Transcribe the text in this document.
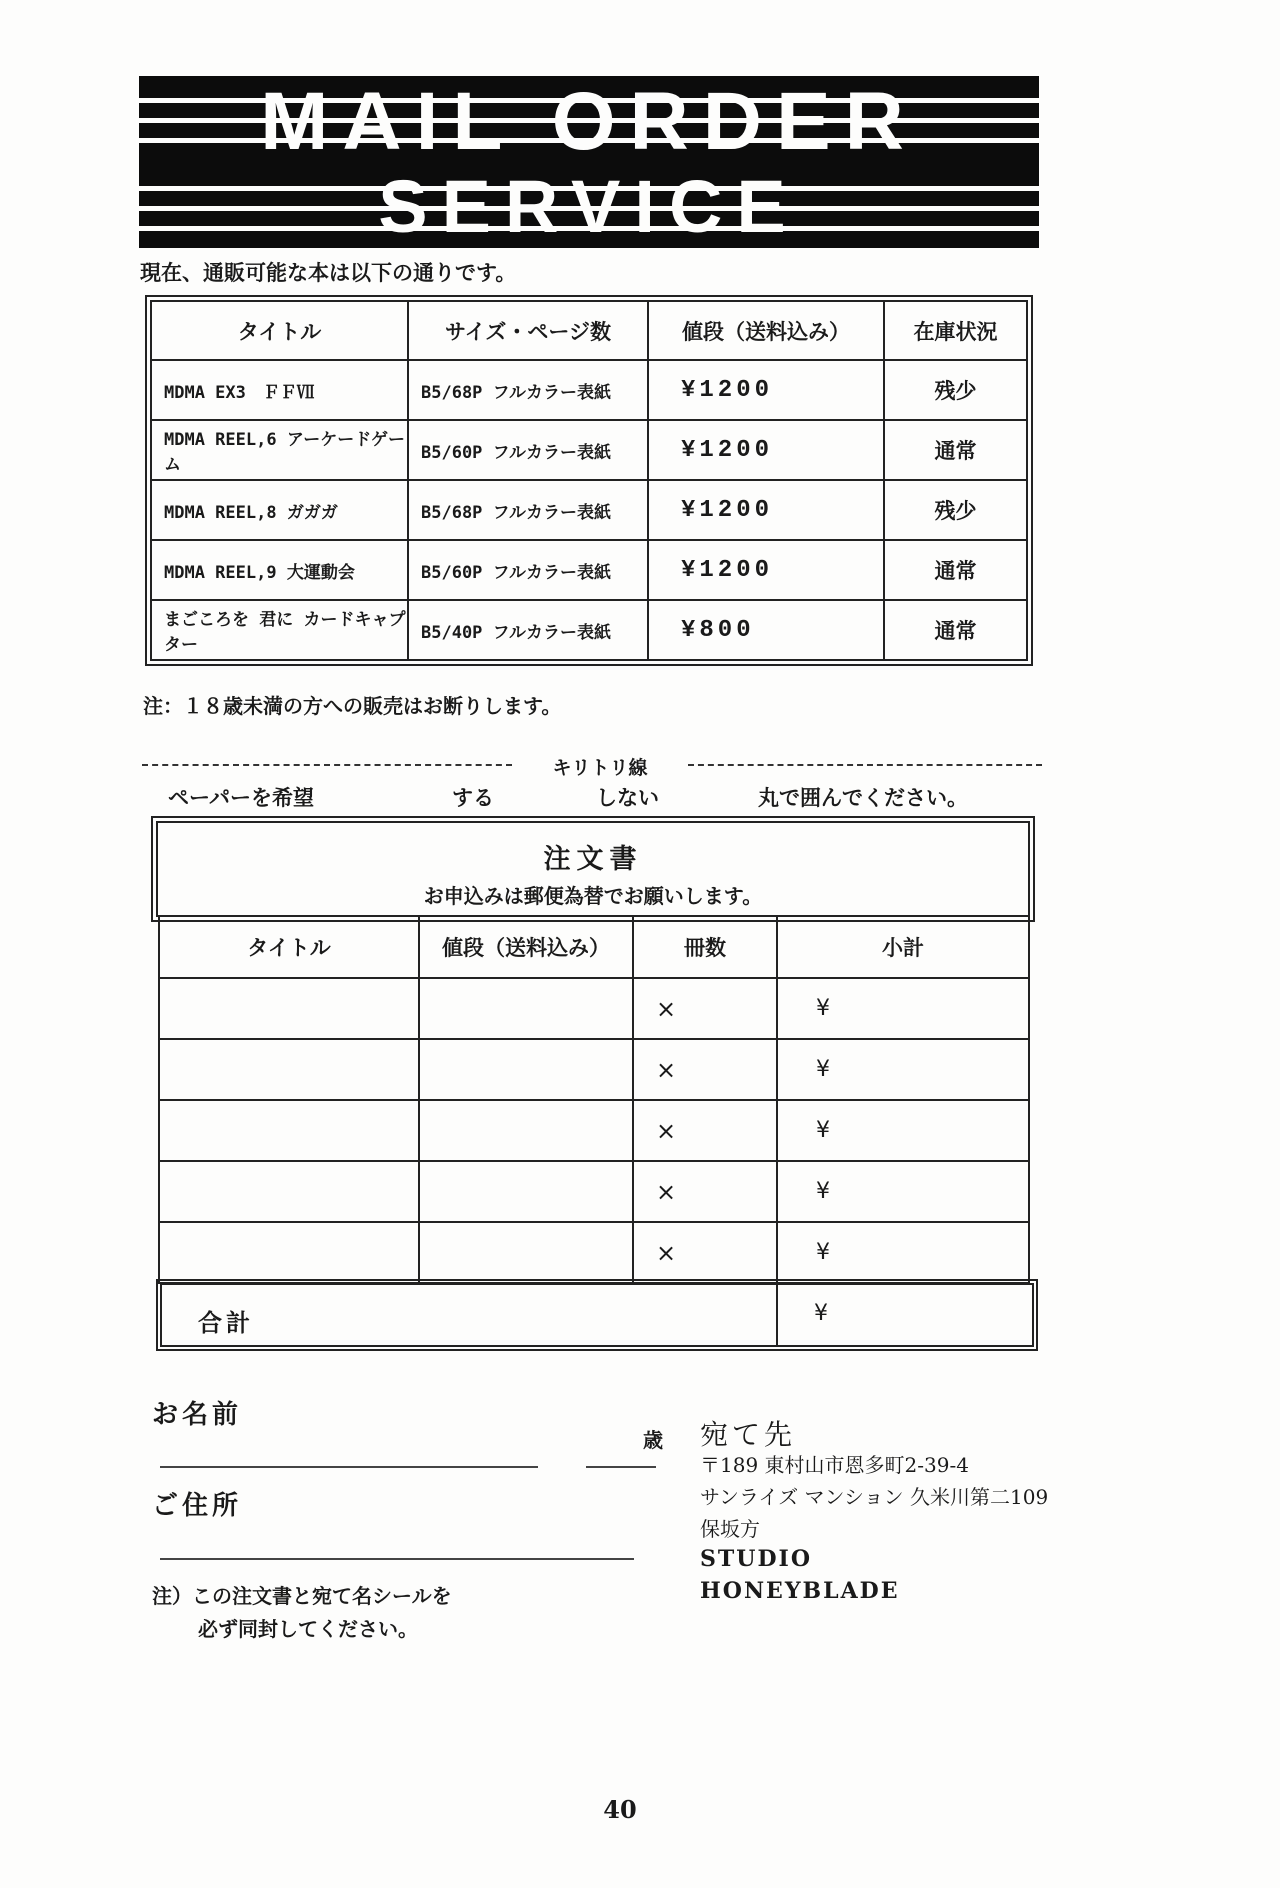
MAIL ORDER
SERVICE
現在、通販可能な本は以下の通りです。
タイトル	サイズ・ページ数	値段（送料込み）	在庫状況
MDMA EX3　ＦＦⅦ	B5/68P フルカラー表紙	¥1200	残少
MDMA REEL,6 アーケードゲーム	B5/60P フルカラー表紙	¥1200	通常
MDMA REEL,8 ガガガ	B5/68P フルカラー表紙	¥1200	残少
MDMA REEL,9 大運動会	B5/60P フルカラー表紙	¥1200	通常
まごころを 君に カードキャプター	B5/40P フルカラー表紙	¥800	通常
注：１８歳未満の方への販売はお断りします。
キリトリ線
ペーパーを希望	する	しない	丸で囲んでください。
注文書
お申込みは郵便為替でお願いします。
タイトル	値段（送料込み）	冊数	小計
		×	¥
		×	¥
		×	¥
		×	¥
		×	¥
合計	¥
お名前
歳
ご住所
宛て先
〒189 東村山市恩多町2-39-4
サンライズ マンション 久米川第二109
保坂方
STUDIO
HONEYBLADE
注）この注文書と宛て名シールを
必ず同封してください。
40
